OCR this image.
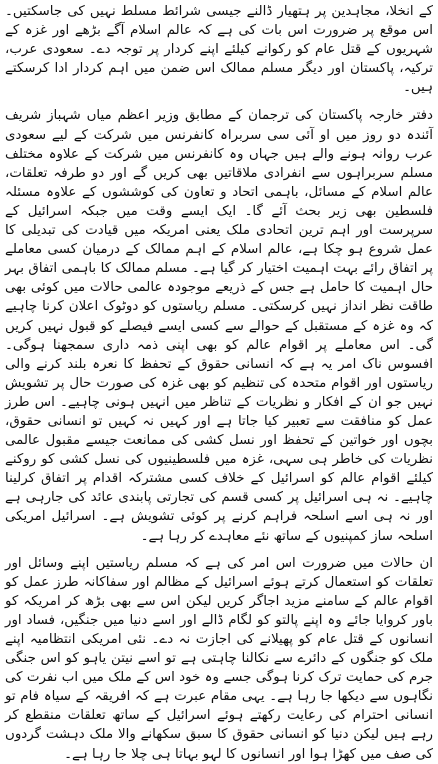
کے انخلا، مجاہدین پر ہتھیار ڈالنے جیسی شرائط مسلط نہیں کی جاسکتیں۔ اس موقع پر ضرورت اس بات کی ہے کہ عالم اسلام آگے بڑھے اور غزہ کے شہریوں کے قتل عام کو رکوانے کیلئے اپنے کردار پر توجہ دے۔ سعودی عرب، ترکیہ، پاکستان اور دیگر مسلم ممالک اس ضمن میں اہم کردار ادا کرسکتے ہیں۔

دفتر خارجہ پاکستان کی ترجمان کے مطابق وزیر اعظم میاں شہباز شریف آئندہ دو روز میں او آئی سی سربراہ کانفرنس میں شرکت کے لیے سعودی عرب روانہ ہونے والے ہیں جہاں وہ کانفرنس میں شرکت کے علاوہ مختلف مسلم سربراہوں سے انفرادی ملاقاتیں بھی کریں گے اور دو طرفہ تعلقات، عالم اسلام کے مسائل، باہمی اتحاد و تعاون کی کوششوں کے علاوہ مسئلہ فلسطین بھی زیر بحث آئے گا۔ ایک ایسے وقت میں جبکہ اسرائیل کے سرپرست اور اہم ترین اتحادی ملک یعنی امریکہ میں قیادت کی تبدیلی کا عمل شروع ہو چکا ہے، عالم اسلام کے اہم ممالک کے درمیان کسی معاملے پر اتفاق رائے بہت اہمیت اختیار کر گیا ہے۔ مسلم ممالک کا باہمی اتفاق بہر حال اہمیت کا حامل ہے جس کے ذریعے موجودہ عالمی حالات میں کوئی بھی طاقت نظر انداز نہیں کرسکتی۔ مسلم ریاستوں کو دوٹوک اعلان کرنا چاہیے کہ وہ غزہ کے مستقبل کے حوالے سے کسی ایسے فیصلے کو قبول نہیں کریں گی۔ اس معاملے پر اقوام عالم کو بھی اپنی ذمہ داری سمجھنا ہوگی۔ افسوس ناک امر یہ ہے کہ انسانی حقوق کے تحفظ کا نعرہ بلند کرنے والی ریاستوں اور اقوام متحدہ کی تنظیم کو بھی غزہ کی صورت حال پر تشویش نہیں جو ان کے افکار و نظریات کے تناظر میں انہیں ہونی چاہیے۔ اس طرز عمل کو منافقت سے تعبیر کیا جاتا ہے اور کہیں نہ کہیں تو انسانی حقوق، بچوں اور خواتین کے تحفظ اور نسل کشی کی ممانعت جیسے مقبول عالمی نظریات کی خاطر ہی سہی، غزہ میں فلسطینیوں کی نسل کشی کو روکنے کیلئے اقوام عالم کو اسرائیل کے خلاف کسی مشترکہ اقدام پر اتفاق کرلینا چاہیے۔ نہ ہی اسرائیل پر کسی قسم کی تجارتی پابندی عائد کی جارہی ہے اور نہ ہی اسے اسلحہ فراہم کرنے پر کوئی تشویش ہے۔ اسرائیل امریکی اسلحہ ساز کمپنیوں کے ساتھ نئے معاہدے کر رہا ہے۔

ان حالات میں ضرورت اس امر کی ہے کہ مسلم ریاستیں اپنے وسائل اور تعلقات کو استعمال کرتے ہوئے اسرائیل کے مظالم اور سفاکانہ طرز عمل کو اقوام عالم کے سامنے مزید اجاگر کریں لیکن اس سے بھی بڑھ کر امریکہ کو باور کروایا جائے وہ اپنے پالتو کو لگام ڈالے اور اسے دنیا میں جنگیں، فساد اور انسانوں کے قتل عام کو پھیلانے کی اجازت نہ دے۔ نئی امریکی انتظامیہ اپنے ملک کو جنگوں کے دائرے سے نکالنا چاہتی ہے تو اسے نیتن یاہو کو اس جنگی جرم کی حمایت ترک کرنا ہوگی جسے وہ خود اس کے ملک میں اب نفرت کی نگاہوں سے دیکھا جا رہا ہے۔ یہی مقام عبرت ہے کہ افریقہ کے سیاہ فام تو انسانی احترام کی رعایت رکھتے ہوئے اسرائیل کے ساتھ تعلقات منقطع کر رہے ہیں لیکن دنیا کو انسانی حقوق کا سبق سکھانے والا ملک دہشت گردوں کی صف میں کھڑا ہوا اور انسانوں کا لہو بہاتا ہی چلا جا رہا ہے۔
